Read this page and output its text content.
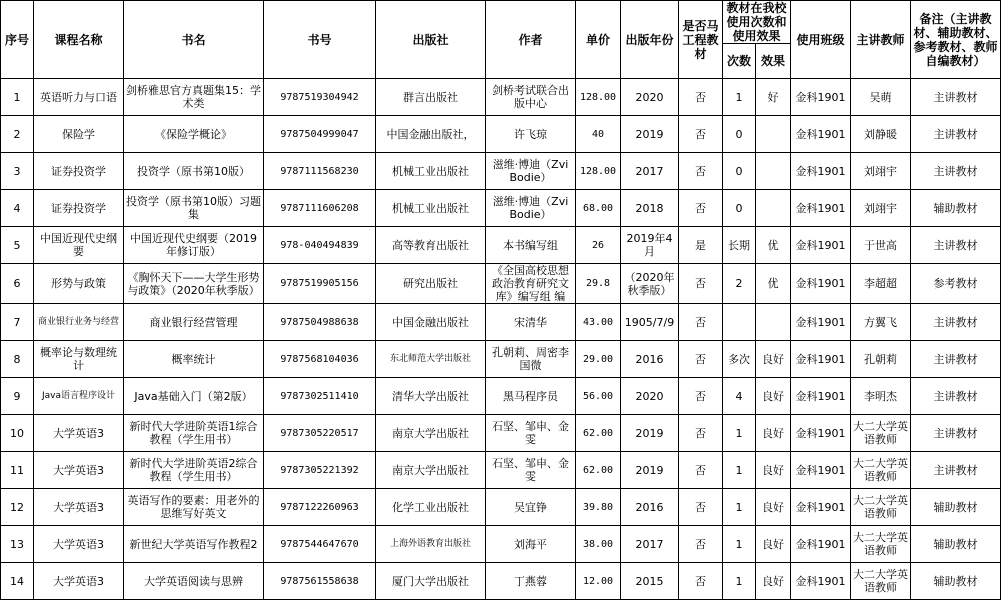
序号	课程名称	书名	书号	出版社	作者	单价	出版年份	是否马工程教材	教材在我校使用次数和使用效果		使用班级	主讲教师	备注（主讲教材、辅助教材、参考教材、教师自编教材）
									次数	效果			
1	英语听力与口语	剑桥雅思官方真题集15：学术类	9787519304942	群言出版社	剑桥考试联合出版中心	128.00	2020	否	1	好	金科1901	吴萌	主讲教材
2	保险学	《保险学概论》	9787504999047	中国金融出版社，	许飞琼	40	2019	否	0		金科1901	刘静暖	主讲教材
3	证券投资学	投资学（原书第10版）	9787111568230	机械工业出版社	滋维·博迪（Zvi Bodie）	128.00	2017	否	0		金科1901	刘翊宇	主讲教材
4	证券投资学	投资学（原书第10版）习题集	9787111606208	机械工业出版社	滋维·博迪（Zvi Bodie）	68.00	2018	否	0		金科1901	刘翊宇	辅助教材
5	中国近现代史纲要	中国近现代史纲要（2019年修订版）	978-040494839	高等教育出版社	本书编写组	26	2019年4月	是	长期	优	金科1901	于世高	主讲教材
6	形势与政策	《胸怀天下——大学生形势与政策》（2020年秋季版）	9787519905156	研究出版社	《全国高校思想政治教育研究文库》编写组 编	29.8	（2020年秋季版）	否	2	优	金科1901	李超超	参考教材
7	商业银行业务与经营	商业银行经营管理	9787504988638	中国金融出版社	宋清华	43.00	1905/7/9	否			金科1901	方翼飞	主讲教材
8	概率论与数理统计	概率统计	9787568104036	东北师范大学出版社	孔朝莉、周密李国微	29.00	2016	否	多次	良好	金科1901	孔朝莉	主讲教材
9	Java语言程序设计	Java基础入门（第2版）	9787302511410	清华大学出版社	黑马程序员	56.00	2020	否	4	良好	金科1901	李明杰	主讲教材
10	大学英语3	新时代大学进阶英语1综合教程（学生用书）	9787305220517	南京大学出版社	石坚、邹申、金雯	62.00	2019	否	1	良好	金科1901	大二大学英语教师	主讲教材
11	大学英语3	新时代大学进阶英语2综合教程（学生用书）	9787305221392	南京大学出版社	石坚、邹申、金雯	62.00	2019	否	1	良好	金科1901	大二大学英语教师	主讲教材
12	大学英语3	英语写作的要素：用老外的思维写好英文	9787122260963	化学工业出版社	吴宜铮	39.80	2016	否	1	良好	金科1901	大二大学英语教师	辅助教材
13	大学英语3	新世纪大学英语写作教程2	9787544647670	上海外语教育出版社	刘海平	38.00	2017	否	1	良好	金科1901	大二大学英语教师	辅助教材
14	大学英语3	大学英语阅读与思辨	9787561558638	厦门大学出版社	丁燕蓉	12.00	2015	否	1	良好	金科1901	大二大学英语教师	辅助教材
